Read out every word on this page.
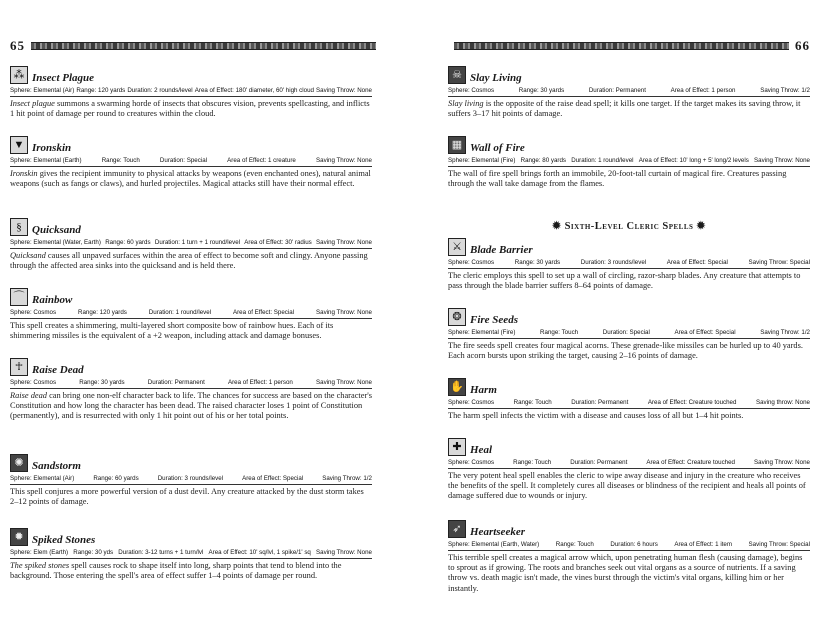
65
⁂ Insect Plague
Sphere: Elemental (Air) Range: 120 yards Duration: 2 rounds/level Area of Effect: 180' diameter, 60' high cloud Saving Throw: None
Insect plague summons a swarming horde of insects that obscures vision, prevents spellcasting, and inflicts 1 hit point of damage per round to creatures within the cloud.
▼ Ironskin
Sphere: Elemental (Earth)	Range: Touch	Duration: Special	Area of Effect: 1 creature	Saving Throw: None
Ironskin gives the recipient immunity to physical attacks by weapons (even enchanted ones), natural animal weapons (such as fangs or claws), and hurled projectiles. Magical attacks still have their normal effect.
§ Quicksand
Sphere: Elemental (Water, Earth) Range: 60 yards Duration: 1 turn + 1 round/level Area of Effect: 30' radius Saving Throw: None
Quicksand causes all unpaved surfaces within the area of effect to become soft and clingy. Anyone passing through the affected area sinks into the quicksand and is held there.
⌒ Rainbow
Sphere: Cosmos	Range: 120 yards	Duration: 1 round/level	Area of Effect: Special	Saving Throw: None
This spell creates a shimmering, multi-layered short composite bow of rainbow hues. Each of its shimmering missiles is the equivalent of a +2 weapon, including attack and damage bonuses.
☥ Raise Dead
Sphere: Cosmos	Range: 30 yards	Duration: Permanent	Area of Effect: 1 person	Saving Throw: None
Raise dead can bring one non-elf character back to life. The chances for success are based on the character's Constitution and how long the character has been dead. The raised character loses 1 point of Constitution (permanently), and is resurrected with only 1 hit point out of his or her total points.
✺ Sandstorm
Sphere: Elemental (Air)	Range: 60 yards	Duration: 3 rounds/level	Area of Effect: Special	Saving Throw: 1/2
This spell conjures a more powerful version of a dust devil. Any creature attacked by the dust storm takes 2–12 points of damage.
✹ Spiked Stones
Sphere: Elem (Earth) Range: 30 yds Duration: 3-12 turns + 1 turn/lvl Area of Effect: 10' sq/lvl, 1 spike/1' sq Saving Throw: None
The spiked stones spell causes rock to shape itself into long, sharp points that tend to blend into the background. Those entering the spell's area of effect suffer 1–4 points of damage per round.
66
☠ Slay Living
Sphere: Cosmos	Range: 30 yards	Duration: Permanent	Area of Effect: 1 person	Saving Throw: 1/2
Slay living is the opposite of the raise dead spell; it kills one target. If the target makes its saving throw, it suffers 3–17 hit points of damage.
▦ Wall of Fire
Sphere: Elemental (Fire) Range: 80 yards Duration: 1 round/level Area of Effect: 10' long + 5' long/2 levels Saving Throw: None
The wall of fire spell brings forth an immobile, 20-foot-tall curtain of magical fire. Creatures passing through the wall take damage from the flames.
✹ Sixth-Level Cleric Spells ✹
⚔ Blade Barrier
Sphere: Cosmos	Range: 30 yards	Duration: 3 rounds/level	Area of Effect: Special	Saving Throw: Special
The cleric employs this spell to set up a wall of circling, razor-sharp blades. Any creature that attempts to pass through the blade barrier suffers 8–64 points of damage.
❂ Fire Seeds
Sphere: Elemental (Fire)	Range: Touch	Duration: Special	Area of Effect: Special	Saving Throw: 1/2
The fire seeds spell creates four magical acorns. These grenade-like missiles can be hurled up to 40 yards. Each acorn bursts upon striking the target, causing 2–16 points of damage.
✋ Harm
Sphere: Cosmos	Range: Touch	Duration: Permanent	Area of Effect: Creature touched	Saving throw: None
The harm spell infects the victim with a disease and causes loss of all but 1–4 hit points.
✚ Heal
Sphere: Cosmos	Range: Touch	Duration: Permanent	Area of Effect: Creature touched	Saving Throw: None
The very potent heal spell enables the cleric to wipe away disease and injury in the creature who receives the benefits of the spell. It completely cures all diseases or blindness of the recipient and heals all points of damage suffered due to wounds or injury.
➶ Heartseeker
Sphere: Elemental (Earth, Water)	Range: Touch	Duration: 6 hours	Area of Effect: 1 item	Saving Throw: Special
This terrible spell creates a magical arrow which, upon penetrating human flesh (causing damage), begins to sprout as if growing. The roots and branches seek out vital organs as a source of nutrients. If a saving throw vs. death magic isn't made, the vines burst through the victim's vital organs, killing him or her instantly.
